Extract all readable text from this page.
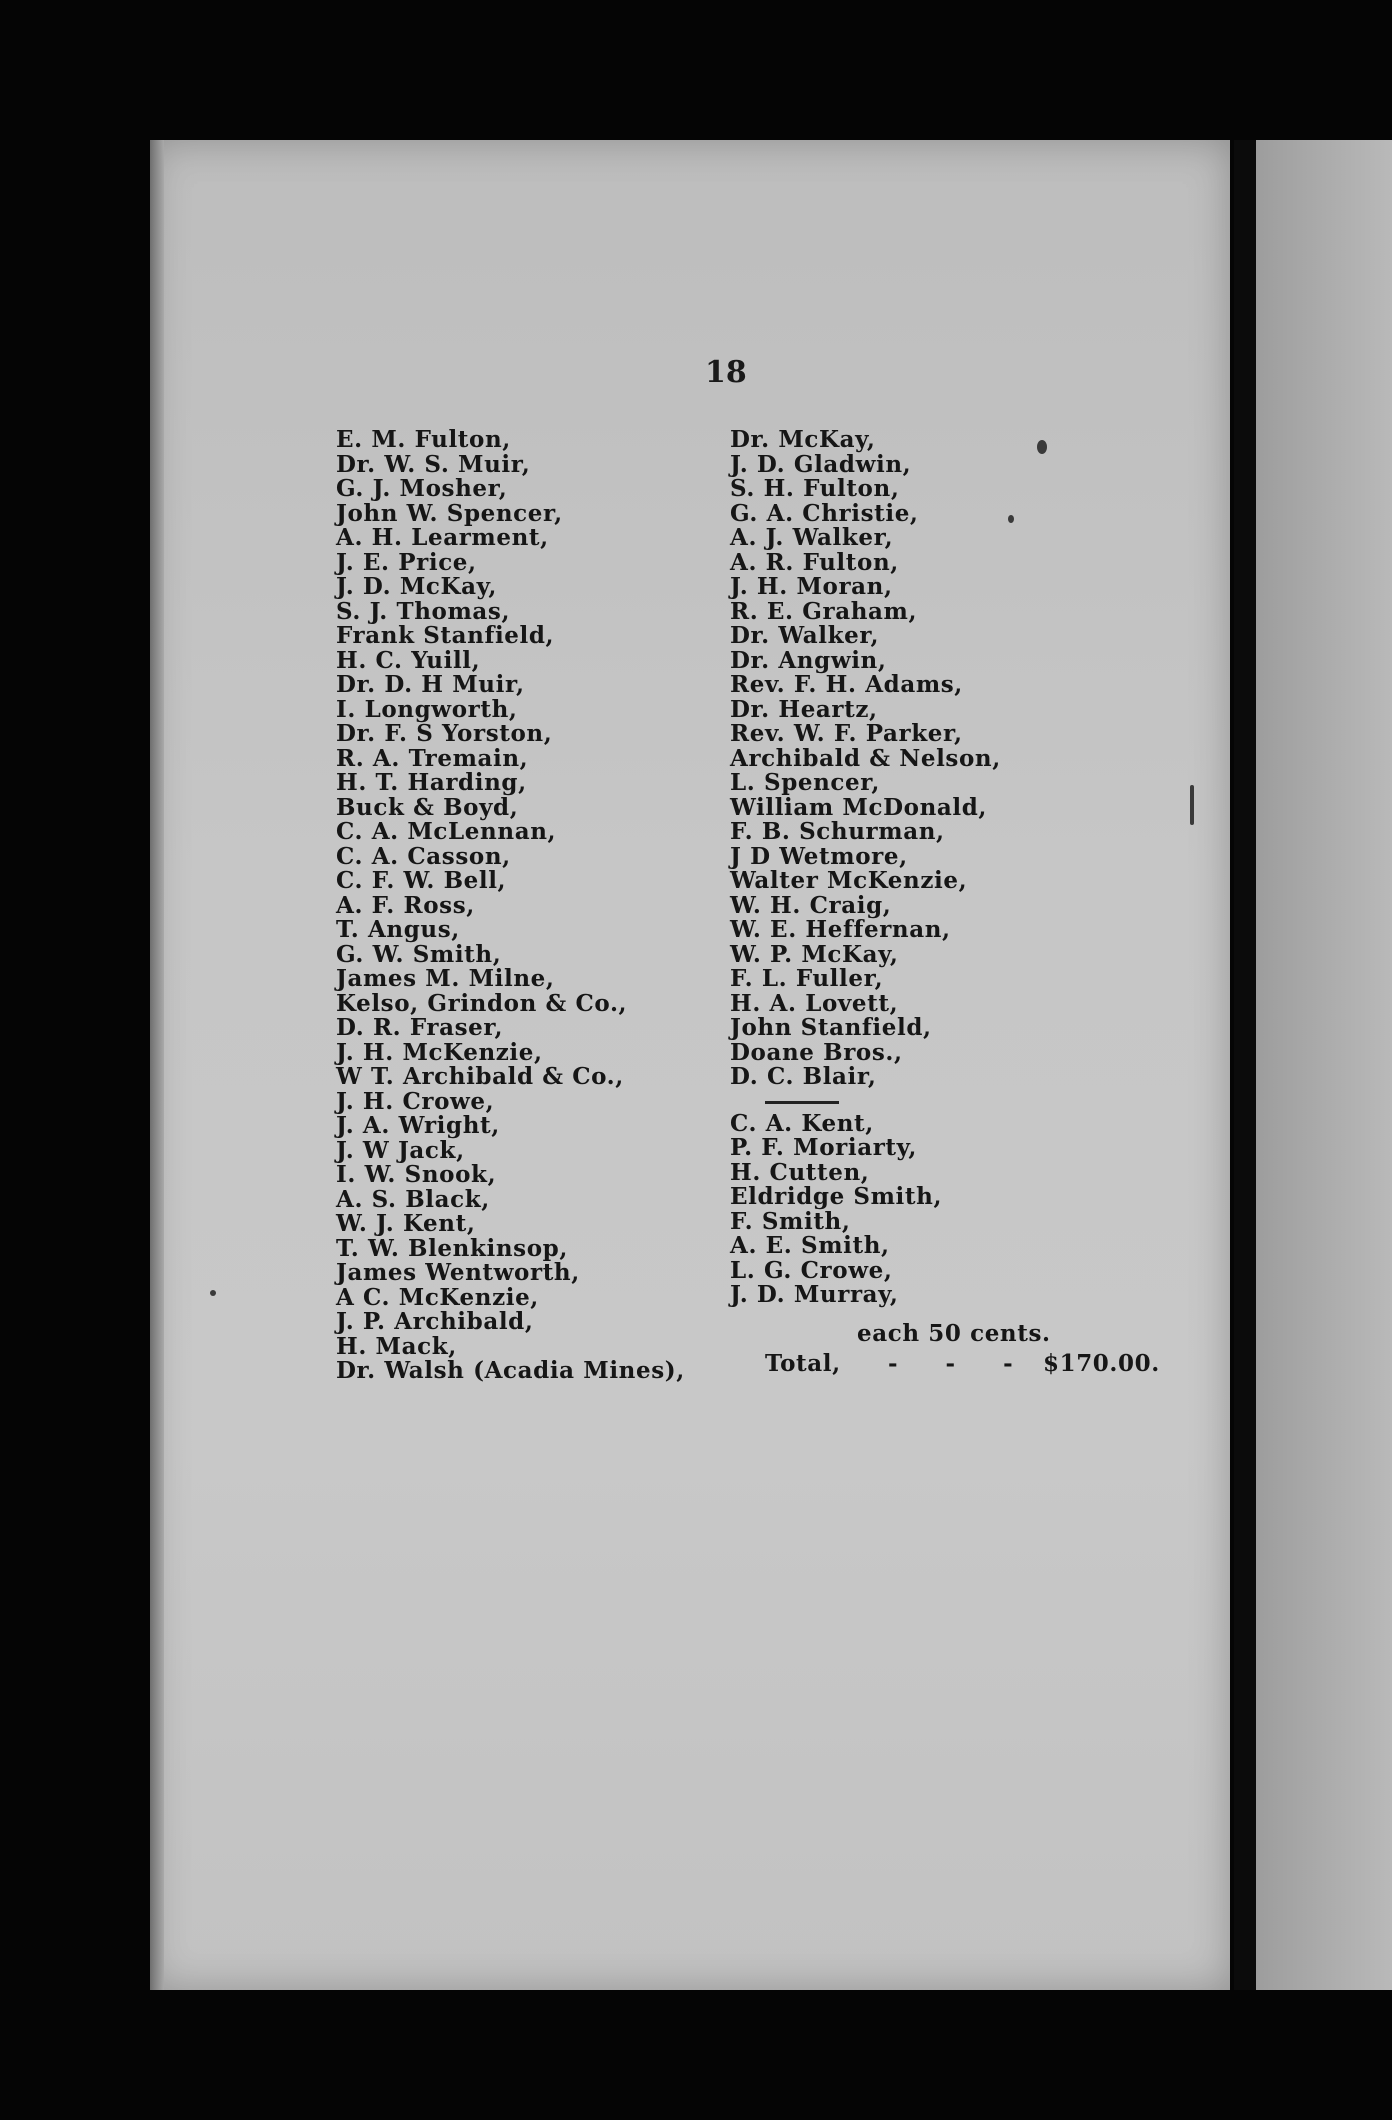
18
E. M. Fulton,
Dr. W. S. Muir,
G. J. Mosher,
John W. Spencer,
A. H. Learment,
J. E. Price,
J. D. McKay,
S. J. Thomas,
Frank Stanfield,
H. C. Yuill,
Dr. D. H Muir,
I. Longworth,
Dr. F. S Yorston,
R. A. Tremain,
H. T. Harding,
Buck & Boyd,
C. A. McLennan,
C. A. Casson,
C. F. W. Bell,
A. F. Ross,
T. Angus,
G. W. Smith,
James M. Milne,
Kelso, Grindon & Co.,
D. R. Fraser,
J. H. McKenzie,
W T. Archibald & Co.,
J. H. Crowe,
J. A. Wright,
J. W Jack,
I. W. Snook,
A. S. Black,
W. J. Kent,
T. W. Blenkinsop,
James Wentworth,
A C. McKenzie,
J. P. Archibald,
H. Mack,
Dr. Walsh (Acadia Mines),
Dr. McKay,
J. D. Gladwin,
S. H. Fulton,
G. A. Christie,
A. J. Walker,
A. R. Fulton,
J. H. Moran,
R. E. Graham,
Dr. Walker,
Dr. Angwin,
Rev. F. H. Adams,
Dr. Heartz,
Rev. W. F. Parker,
Archibald & Nelson,
L. Spencer,
William McDonald,
F. B. Schurman,
J D Wetmore,
Walter McKenzie,
W. H. Craig,
W. E. Heffernan,
W. P. McKay,
F. L. Fuller,
H. A. Lovett,
John Stanfield,
Doane Bros.,
D. C. Blair,
C. A. Kent,
P. F. Moriarty,
H. Cutten,
Eldridge Smith,
F. Smith,
A. E. Smith,
L. G. Crowe,
J. D. Murray,
each 50 cents.
Total, - - - $170.00.
